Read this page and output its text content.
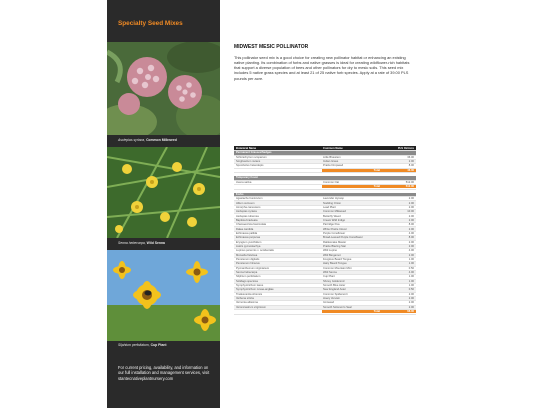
Specialty Seed Mixes
Asclepias syriaca, Common Milkweed
Senna hebecarpa, Wild Senna
Silphium perfoliatum, Cup Plant
For current pricing, availability, and information on our full installation and management services, visit stantecnativeplantnursery.com
MIDWEST MESIC POLLINATOR
This pollinator seed mix is a good choice for creating new pollinator habitat or enhancing an existing native planting. Its combination of forbs and native grasses is ideal for creating wildflower-rich habitats that support a diverse population of bees and other pollinators for dry to mesic soils. This seed mix includes 5 native grass species and at least 21 of 25 native forb species. Apply at a rate of 39.00 PLS pounds per acre.
Botanical Name	Common Name	PLS Oz/Acre
Permanent Grasses/Sedges
Schizachyrium scoparium	Little Bluestem	36.00
Sorghastrum nutans	Indian Grass	2.00
Sporobolus heterolepis	Prairie Dropseed	8.00
Total	46.00
Temporary Cover
Avena sativa	Common Oat	512.00
Total	512.00
Forbs
Agastache foeniculum	Lavender Hyssop	2.00
Allium cernuum	Nodding Onion	2.00
Amorpha canescens	Lead Plant	2.00
Asclepias syriaca	Common Milkweed	10.00
Asclepias tuberosa	Butterfly Weed	2.00
Baptisia bracteata	Cream Wild Indigo	2.00
Chamaecrista fasciculata	Partridge Pea	8.00
Dalea candida	White Prairie Clover	2.00
Echinacea pallida	Purple Coneflower	4.00
Echinacea purpurea	Broad-Leaved Purple Coneflower	8.00
Eryngium yuccifolium	Rattlesnake Master	2.00
Liatris pycnostachya	Prairie Blazing Star	2.00
Lupinus perennis v. occidentalis	Wild Lupine	4.00
Monarda fistulosa	Wild Bergamot	2.00
Penstemon digitalis	Foxglove Beard Tongue	1.00
Penstemon hirsutus	Hairy Beard Tongue	1.00
Pycnanthemum virginianum	Common Mountain Mint	0.50
Senna hebecarpa	Wild Senna	4.00
Silphium perfoliatum	Cup Plant	1.00
Solidago speciosa	Showy Goldenrod	1.00
Symphyotrichum laeve	Smooth Blue Aster	1.00
Symphyotrichum novae-angliae	New England Aster	0.50
Tradescantia ohiensis	Common Spiderwort	2.00
Verbena stricta	Hoary Vervain	2.00
Vernonia altissima	Ironweed	2.00
Veronicastrum virginicum	Smooth Solomon's Seal	2.00
Total	68.00
